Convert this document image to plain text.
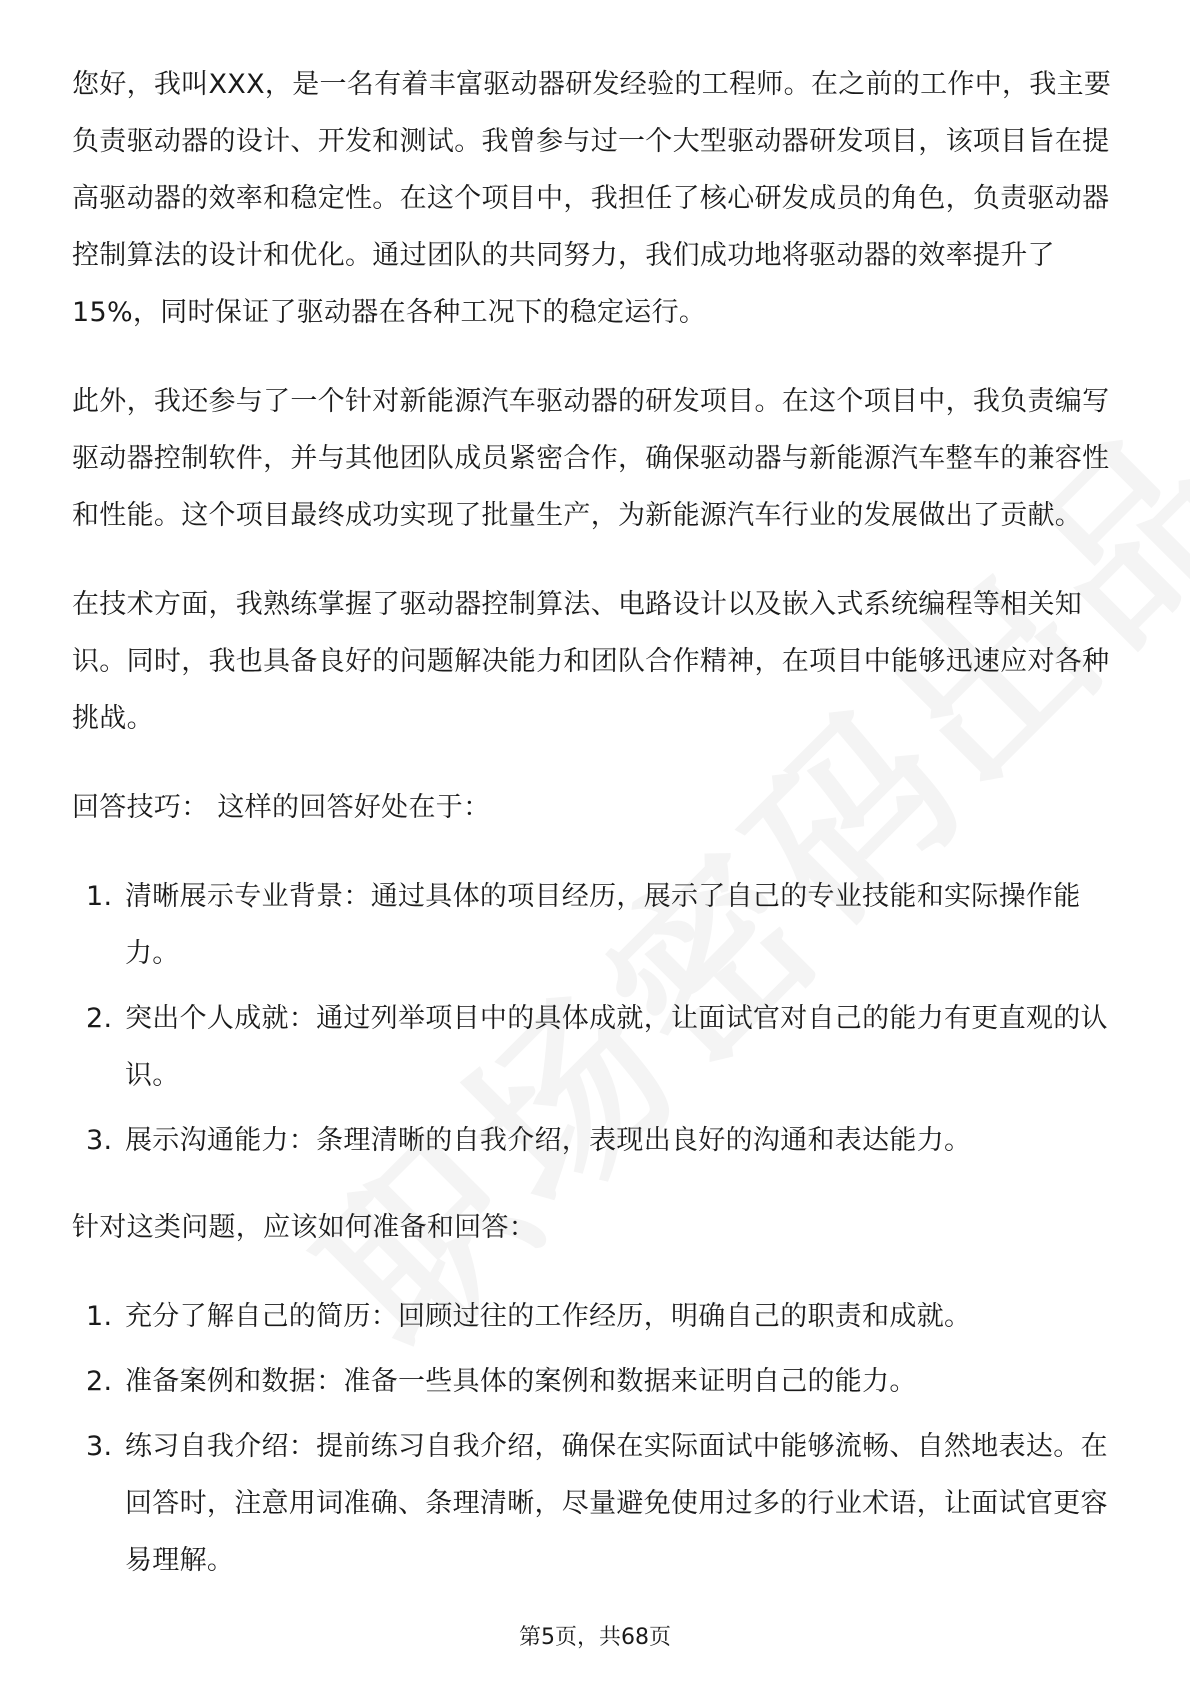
您好，我叫XXX，是一名有着丰富驱动器研发经验的工程师。在之前的工作中，我主要负责驱动器的设计、开发和测试。我曾参与过一个大型驱动器研发项目，该项目旨在提高驱动器的效率和稳定性。在这个项目中，我担任了核心研发成员的角色，负责驱动器控制算法的设计和优化。通过团队的共同努力，我们成功地将驱动器的效率提升了15%，同时保证了驱动器在各种工况下的稳定运行。

此外，我还参与了一个针对新能源汽车驱动器的研发项目。在这个项目中，我负责编写驱动器控制软件，并与其他团队成员紧密合作，确保驱动器与新能源汽车整车的兼容性和性能。这个项目最终成功实现了批量生产，为新能源汽车行业的发展做出了贡献。

在技术方面，我熟练掌握了驱动器控制算法、电路设计以及嵌入式系统编程等相关知识。同时，我也具备良好的问题解决能力和团队合作精神，在项目中能够迅速应对各种挑战。

回答技巧： 这样的回答好处在于：

1. 清晰展示专业背景：通过具体的项目经历，展示了自己的专业技能和实际操作能力。
2. 突出个人成就：通过列举项目中的具体成就，让面试官对自己的能力有更直观的认识。
3. 展示沟通能力：条理清晰的自我介绍，表现出良好的沟通和表达能力。

针对这类问题，应该如何准备和回答：

1. 充分了解自己的简历：回顾过往的工作经历，明确自己的职责和成就。
2. 准备案例和数据：准备一些具体的案例和数据来证明自己的能力。
3. 练习自我介绍：提前练习自我介绍，确保在实际面试中能够流畅、自然地表达。在回答时，注意用词准确、条理清晰，尽量避免使用过多的行业术语，让面试官更容易理解。
第5页，共68页
